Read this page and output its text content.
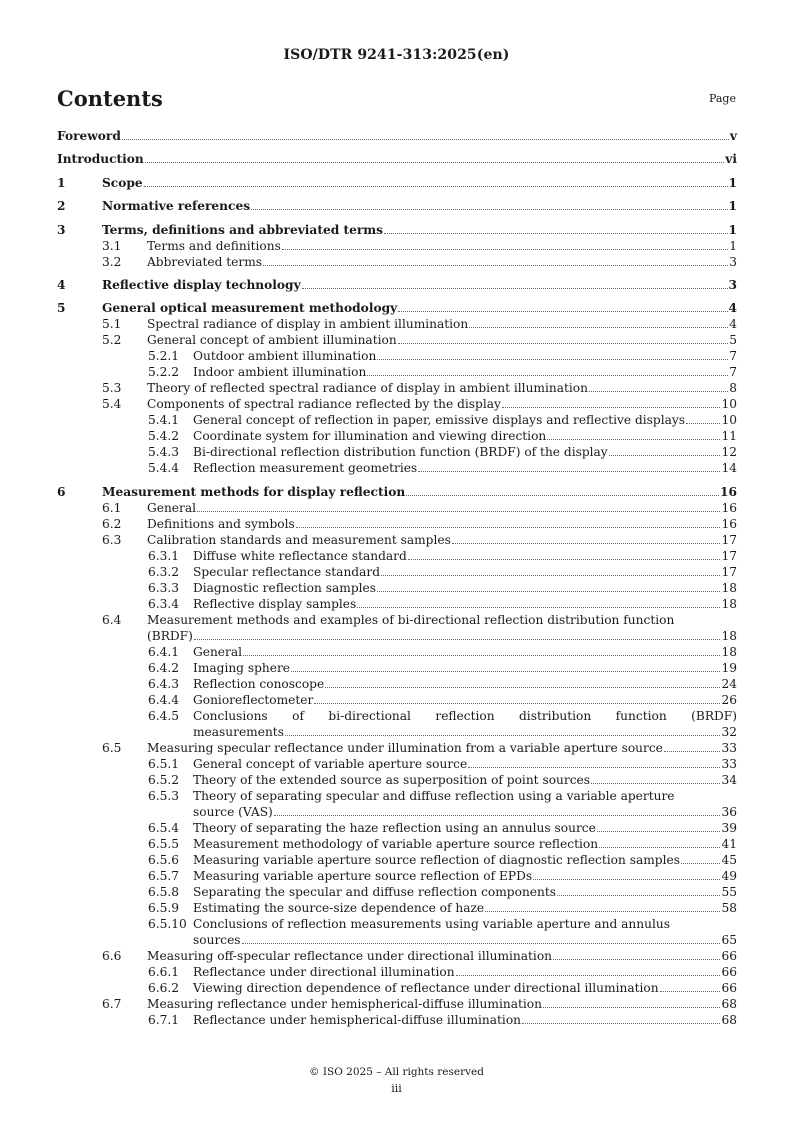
ISO/DTR 9241-313:2025(en)
Contents	Page
Foreword	v
Introduction	vi
1	Scope	1
2	Normative references	1
3	Terms, definitions and abbreviated terms	1
3.1 Terms and definitions	1
3.2 Abbreviated terms	3
4	Reflective display technology	3
5	General optical measurement methodology	4
5.1 Spectral radiance of display in ambient illumination	4
5.2 General concept of ambient illumination	5
5.2.1 Outdoor ambient illumination	7
5.2.2 Indoor ambient illumination	7
5.3 Theory of reflected spectral radiance of display in ambient illumination	8
5.4 Components of spectral radiance reflected by the display	10
5.4.1 General concept of reflection in paper, emissive displays and reflective displays	10
5.4.2 Coordinate system for illumination and viewing direction	11
5.4.3 Bi-directional reflection distribution function (BRDF) of the display	12
5.4.4 Reflection measurement geometries	14
6	Measurement methods for display reflection	16
6.1 General	16
6.2 Definitions and symbols	16
6.3 Calibration standards and measurement samples	17
6.3.1 Diffuse white reflectance standard	17
6.3.2 Specular reflectance standard	17
6.3.3 Diagnostic reflection samples	18
6.3.4 Reflective display samples	18
6.4 Measurement methods and examples of bi-directional reflection distribution function
(BRDF)	18
6.4.1 General	18
6.4.2 Imaging sphere	19
6.4.3 Reflection conoscope	24
6.4.4 Gonioreflectometer	26
6.4.5 Conclusions of bi-directional reflection distribution function (BRDF)
measurements	32
6.5 Measuring specular reflectance under illumination from a variable aperture source	33
6.5.1 General concept of variable aperture source	33
6.5.2 Theory of the extended source as superposition of point sources	34
6.5.3 Theory of separating specular and diffuse reflection using a variable aperture
source (VAS)	36
6.5.4 Theory of separating the haze reflection using an annulus source	39
6.5.5 Measurement methodology of variable aperture source reflection	41
6.5.6 Measuring variable aperture source reflection of diagnostic reflection samples	45
6.5.7 Measuring variable aperture source reflection of EPDs	49
6.5.8 Separating the specular and diffuse reflection components	55
6.5.9 Estimating the source-size dependence of haze	58
6.5.10 Conclusions of reflection measurements using variable aperture and annulus
sources	65
6.6 Measuring off-specular reflectance under directional illumination	66
6.6.1 Reflectance under directional illumination	66
6.6.2 Viewing direction dependence of reflectance under directional illumination	66
6.7 Measuring reflectance under hemispherical-diffuse illumination	68
6.7.1 Reflectance under hemispherical-diffuse illumination	68
© ISO 2025 – All rights reserved
iii
